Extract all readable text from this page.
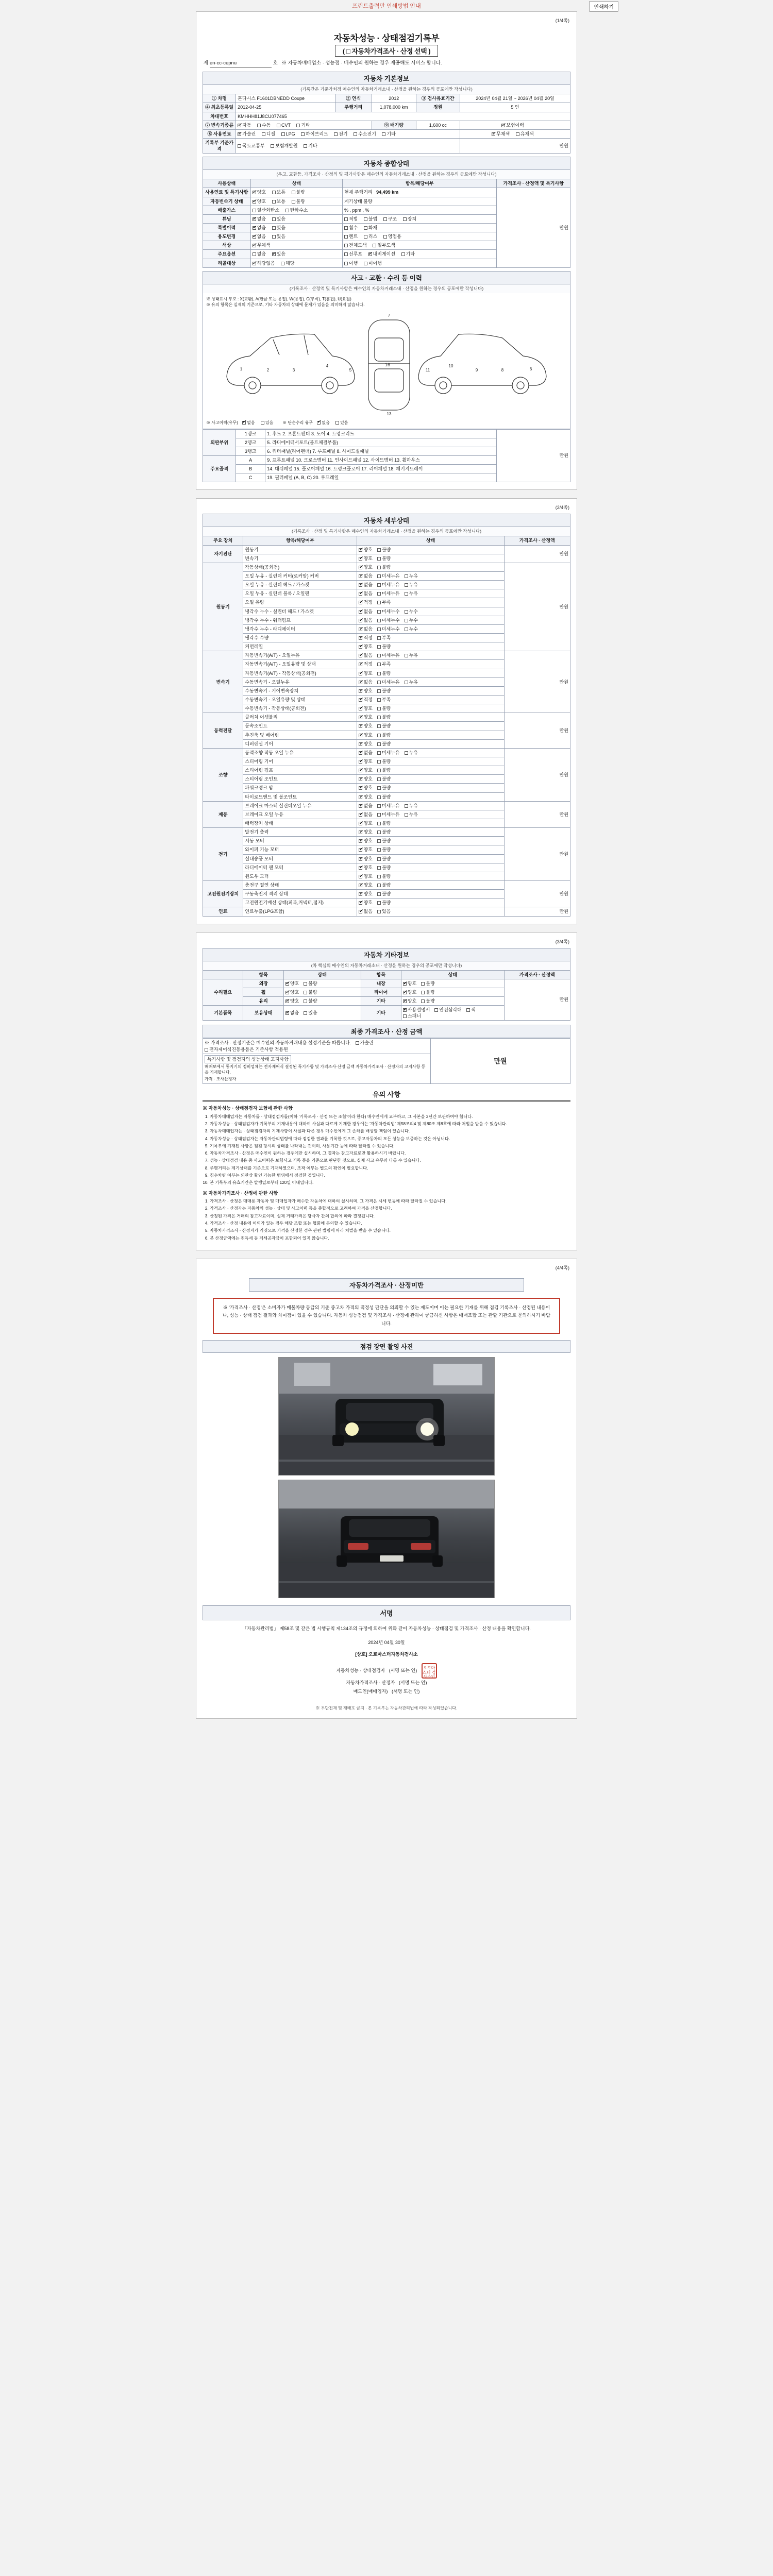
프린트출력만 인쇄방법 안내	인쇄하기
(1/4쪽)
자동차성능 · 상태점검기록부
( □ 자동차가격조사 · 산정 선택 )
제 en-cc-cepnu	호   ※ 자동차매매업소 · 성능점 · 매수인의 원하는 경우 제공해도 서비스 합니다.
자동차 기본정보
(기록간은 기준가치정 매수인의 자동차거래소내 · 산정을 원하는 경우의 공포에만 작성니다)
① 차명	혼다시스 F1601DBNEDD Coupe	② 연식	2012	③ 검사유효기간	2024년 04월 21일 ~ 2026년 04월 20일
④ 최초등록일	2012-04-25	주행거리	1,078,000 km	정원	5 인
차대번호	KMHHH81J8CU077465				
⑦ 변속기종류	✔자동 수동 CVT 기타		⑨ 배기량	1,600 cc	✔보험이력
⑧ 사용연료	✔가솔린 디젤 LPG 하이브리드 전기 수소전기 기타	✔무채색 유채색
기록부 기준가격	국토교통부 보험개발원 기타				만원
자동차 종합상태
(우고, 교환등, 가격조사 · 산정의 및 평가사항은 매수인의 자동차거래소내 · 산정을 원하는 경우의 공포에만 작성니다)
사용상태	상태	항목/해당여부	가격조사 · 산정액 및 특기사항
사용연료 및 특기사항	✔양호 보통 불량	현재 주행거리 94,499 km	만원
자동변속기 상태	✔양호 보통 불량	계기상태 불량	
배출가스	일산화탄소 탄화수소	% , ppm , %	
튜닝	✔없음 있음	적법 불법 구조 장치	
특별이력	✔없음 있음	침수 화재	
용도변경	✔없음 있음	렌트 리스 영업용	
색상	✔무채색	전체도색 일부도색	
주요옵션	없음 ✔ 있음	선루프 ✔ 내비게이션 기타
리콜대상	✔해당없음 해당	이행 미이행	
사고 · 교환 · 수리 등 이력
(기록조사 · 산정액 및 특기사항은 매수인의 자동차거래소내 · 산정을 원하는 경우의 공포에만 작성니다)
※ 상태표시 부호 : X(교환), A(판금 또는 용접), W(용접), C(부식), T(흠집), U(요철)
※ 유의 항목은 실제의 기준으로, 기타 자동차의 상태에 문제가 있음을 의미하지 않습니다.
16
1	2	3
4
5
7
13
6
8
9
10
11
※ 사고이력(유무) ✔ 없음	있음 ※ 단순수리 유무 ✔ 없음	있음
외판부위	1랭크	1. 후드 2. 프론트펜더 3. 도어 4. 트렁크리드	만원
	2랭크	5. 라디에이터서포트(볼트체결부품)	
	3랭크	6. 쿼터패널(리어펜더) 7. 루프패널 8. 사이드실패널	
주요골격	A	9. 프론트패널 10. 크로스멤버 11. 인사이드패널 12. 사이드멤버 13. 휠하우스	
	B	14. 대쉬패널 15. 플로어패널 16. 트렁크플로어 17. 리어패널 18. 패키지트레이	
	C	19. 필러패널 (A, B, C) 20. 루프레일	
(2/4쪽)
자동차 세부상태
(기록조사 · 산정 및 특기사항은 매수인의 자동차거래소내 · 산정을 원하는 경우의 공포에만 작성니다)
주요 장치	항목/해당여부	상태	가격조사 · 산정액
자기진단	원동기	✔양호 불량	만원
	변속기	✔양호 불량
원동기	작동상태(공회전)	✔양호 불량	만원
	오일 누유 - 실린더 커버(로커암) 커버	✔없음 미세누유 누유
	오일 누유 - 실린더 헤드 / 가스켓	✔없음 미세누유 누유
	오일 누유 - 실린더 블록 / 오일팬	✔없음 미세누유 누유
	오일 유량	✔적정 부족
	냉각수 누수 - 실린더 헤드 / 가스켓	✔없음 미세누수 누수
	냉각수 누수 - 워터펌프	✔없음 미세누수 누수
	냉각수 누수 - 라디에이터	✔없음 미세누수 누수
	냉각수 수량	✔적정 부족
	커먼레일	✔양호 불량
변속기	자동변속기(A/T) - 오일누유	✔없음 미세누유 누유	만원
	자동변속기(A/T) - 오일유량 및 상태	✔적정 부족
	자동변속기(A/T) - 작동상태(공회전)	✔양호 불량
	수동변속기 - 오일누유	✔없음 미세누유 누유
	수동변속기 - 기어변속장치	✔양호 불량
	수동변속기 - 오일유량 및 상태	✔적정 부족
	수동변속기 - 작동상태(공회전)	✔양호 불량
동력전달	클러치 어셈블리	✔양호 불량	만원
	등속조인트	✔양호 불량
	추진축 및 베어링	✔양호 불량
	디퍼렌셜 기어	✔양호 불량
조향	동력조향 작동 오일 누유	✔없음 미세누유 누유	만원
	스티어링 기어	✔양호 불량
	스티어링 펌프	✔양호 불량
	스티어링 조인트	✔양호 불량
	파워크랭크 암	✔양호 불량
	타이로드엔드 및 볼조인트	✔양호 불량
제동	브레이크 마스터 실린더오일 누유	✔없음 미세누유 누유	만원
	브레이크 오일 누유	✔없음 미세누유 누유
	배력장치 상태	✔양호 불량
전기	발전기 출력	✔양호 불량	만원
	시동 모터	✔양호 불량
	와이퍼 기능 모터	✔양호 불량
	실내송풍 모터	✔양호 불량
	라디에이터 팬 모터	✔양호 불량
	윈도우 모터	✔양호 불량
고전원전기장치	충전구 절연 상태	✔양호 불량	만원
	구동축전지 격리 상태	✔양호 불량
	고전원전기배선 상태(피복,커넥터,접지)	✔양호 불량
연료	연료누출(LPG포함)	✔없음 있음	만원
(3/4쪽)
자동차 기타정보
(차 핵심의 매수인의 자동차거래소내 · 산정을 원하는 경우의 공포에만 작성니다)
	항목	상태	항목	상태	가격조사 · 산정액
수리필요	외장	✔양호 불량	내장	✔양호 불량	만원
	휠	✔양호 불량	타이어	✔양호 불량
	유리	✔양호 불량	기타	✔양호 불량
기본품목	보유상태	✔없음 있음	기타	✔사용설명서 안전삼각대 잭스패너
최종 가격조사 · 산정 금액
※ 가격조사 · 산정기준은 매수인의 자동차거래내용 설정기준을 따릅니다. 가솔린 전자제어식진동용품은 기준사항 적용된	만원
특기사항 및 점검자의 성능상태 고지사항
매매보에서 통지기의 정비업체는 전자제어식 결정된 특기사항 및 가격조사·산정 금액 자동차가격조사 · 산정자의 고지사항 등을 기재합니다.
가격 · 조사산정자
유의 사항
※ 자동차성능 · 상태점검자 보험에 관한 사항
1. 자동차매매업자는 자동차를 · 상태점검자를(이하 '기록조사 · 산정 또는 조합'이라 한다) 매수인에게 교부하고, 그 사본을 2년간 보관하여야 합니다.
2. 자동차성능 · 상태점검자가 기록부의 기재내용에 대하여 사실과 다르게 기재한 경우에는 '자동차관리법' 제58조의4 및 제80조 제8호에 따라 처벌을 받을 수 있습니다.
3. 자동차매매업자는 · 상태점검자의 기재사항이 사실과 다른 경우 매수인에게 그 손해를 배상할 책임이 있습니다.
4. 자동차성능 · 상태점검자는 자동차관리법령에 따라 점검한 결과를 기록한 것으로, 중고자동차의 모든 성능을 보증하는 것은 아닙니다.
5. 기록부에 기재된 사항은 점검 당시의 상태를 나타내는 것이며, 사용기간 등에 따라 달라질 수 있습니다.
6. 자동차가격조사 · 산정은 매수인이 원하는 경우에만 실시하며, 그 결과는 참고자료로만 활용하시기 바랍니다.
7. 성능 · 상태점검 내용 중 사고이력은 보험사고 기록 등을 기준으로 판단한 것으로, 실제 사고 유무와 다를 수 있습니다.
8. 주행거리는 계기상태를 기준으로 기재하였으며, 조작 여부는 별도의 확인이 필요합니다.
9. 침수차량 여부는 외관상 확인 가능한 범위에서 점검한 것입니다.
10. 본 기록부의 유효기간은 발행일로부터 120일 이내입니다.
※ 자동차가격조사 · 산정에 관한 사항
1. 가격조사 · 산정은 매매용 자동차 및 매매업자가 매수한 자동차에 대하여 실시하며, 그 가격은 시세 변동에 따라 달라질 수 있습니다.
2. 가격조사 · 산정자는 자동차의 성능 · 상태 및 사고이력 등을 종합적으로 고려하여 가격을 산정합니다.
3. 산정된 가격은 거래의 참고자료이며, 실제 거래가격은 당사자 간의 합의에 따라 결정됩니다.
4. 가격조사 · 산정 내용에 이의가 있는 경우 해당 조합 또는 협회에 문의할 수 있습니다.
5. 자동차가격조사 · 산정자가 거짓으로 가격을 산정한 경우 관련 법령에 따라 처벌을 받을 수 있습니다.
6. 본 산정금액에는 취득세 등 제세공과금이 포함되어 있지 않습니다.
(4/4쪽)
자동차가격조사 · 산정미반
※ '가격조사 · 산정'은 소비자가 매물차량 등급의 기준 중고차 가격의 적정성 판단을 의뢰할 수 있는 제도이며 이는 필요한 기재를 위해 점검 기록조사 · 산정된 내용이나, 성능 · 상태 점검 결과와 차이점이 있을 수 있습니다. 자동차 성능점검 및 가격조사 · 산정에 관하여 궁금하신 사항은 매매조합 또는 관할 기관으로 문의하시기 바랍니다.
점검 장면 촬영 사진
서명
「자동차관리법」 제58조 및 같은 법 시행규칙 제134조의 규정에 의하여 위와 같이 자동차성능 · 상태점검 및 가격조사 · 산정 내용을 확인합니다.
2024년 04월 30일
[상호] 오토마스터자동차검사소
자동차성능 · 상태점검자 (서명 또는 인) 오토마스터 검사소인
자동차가격조사 · 산정자 (서명 또는 인)
매도인(매매업자) (서명 또는 인)
※ 무단전재 및 재배포 금지 · 본 기록부는 자동차관리법에 따라 작성되었습니다.
